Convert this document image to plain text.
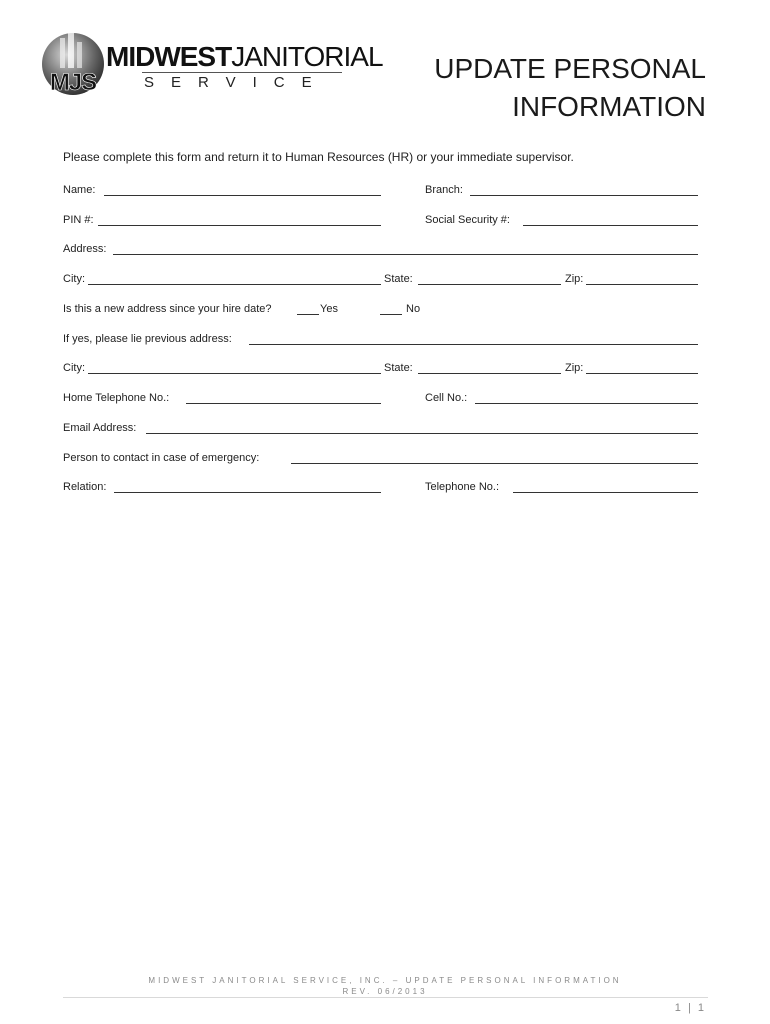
MJS
MIDWESTJANITORIAL
SERVICE	UPDATE PERSONAL
INFORMATION
Please complete this form and return it to Human Resources (HR) or your immediate supervisor.
Name:	Branch:
PIN #:	Social Security #:
Address:
City:	State:	Zip:
Is this a new address since your hire date?	Yes	No
If yes, please lie previous address:
City:	State:	Zip:
Home Telephone No.:	Cell No.:
Email Address:
Person to contact in case of emergency:
Relation:	Telephone No.:
MIDWEST JANITORIAL SERVICE, INC. – UPDATE PERSONAL INFORMATION
REV. 06/2013
1 | 1
